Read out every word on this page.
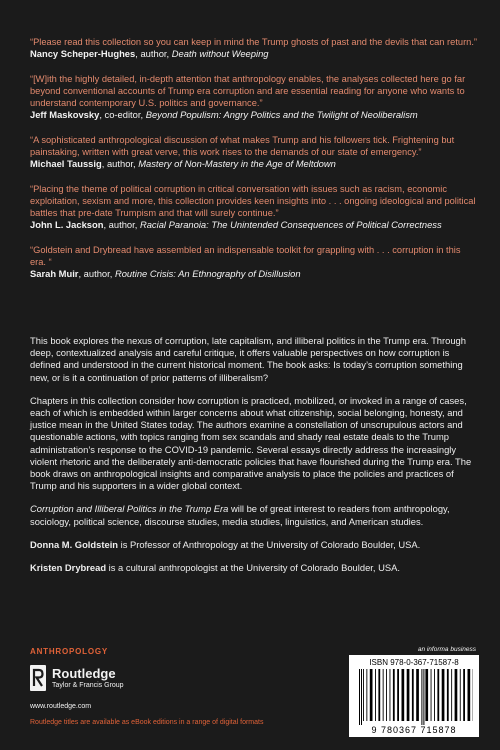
“Please read this collection so you can keep in mind the Trump ghosts of past and the devils that can return.”

Nancy Scheper-Hughes, author, Death without Weeping

“[W]ith the highly detailed, in-depth attention that anthropology enables, the analyses collected here go far beyond conventional accounts of Trump era corruption and are essential reading for anyone who wants to understand contemporary U.S. politics and governance.”

Jeff Maskovsky, co-editor, Beyond Populism: Angry Politics and the Twilight of Neoliberalism

“A sophisticated anthropological discussion of what makes Trump and his followers tick. Frightening but painstaking, written with great verve, this work rises to the demands of our state of emergency.”

Michael Taussig, author, Mastery of Non-Mastery in the Age of Meltdown

“Placing the theme of political corruption in critical conversation with issues such as racism, economic exploitation, sexism and more, this collection provides keen insights into . . . ongoing ideological and political battles that pre-date Trumpism and that will surely continue.”

John L. Jackson, author, Racial Paranoia: The Unintended Consequences of Political Correctness

“Goldstein and Drybread have assembled an indispensable toolkit for grappling with . . . corruption in this era. “

Sarah Muir, author, Routine Crisis: An Ethnography of Disillusion

This book explores the nexus of corruption, late capitalism, and illiberal politics in the Trump era. Through deep, contextualized analysis and careful critique, it offers valuable perspectives on how corruption is defined and understood in the current historical moment. The book asks: Is today’s corruption something new, or is it a continuation of prior patterns of illiberalism?

Chapters in this collection consider how corruption is practiced, mobilized, or invoked in a range of cases, each of which is embedded within larger concerns about what citizenship, social belonging, honesty, and justice mean in the United States today. The authors examine a constellation of unscrupulous actors and questionable actions, with topics ranging from sex scandals and shady real estate deals to the Trump administration’s response to the COVID-19 pandemic. Several essays directly address the increasingly violent rhetoric and the deliberately anti-democratic policies that have flourished during the Trump era. The book draws on anthropological insights and comparative analysis to place the policies and practices of Trump and his supporters in a wider global context.

Corruption and Illiberal Politics in the Trump Era will be of great interest to readers from anthropology, sociology, political science, discourse studies, media studies, linguistics, and American studies.

Donna M. Goldstein is Professor of Anthropology at the University of Colorado Boulder, USA.

Kristen Drybread is a cultural anthropologist at the University of Colorado Boulder, USA.

ANTHROPOLOGY
Routledge
Taylor & Francis Group
www.routledge.com
Routledge titles are available as eBook editions in a range of digital formats
an informa business
ISBN 978-0-367-71587-8
9 780367 715878
